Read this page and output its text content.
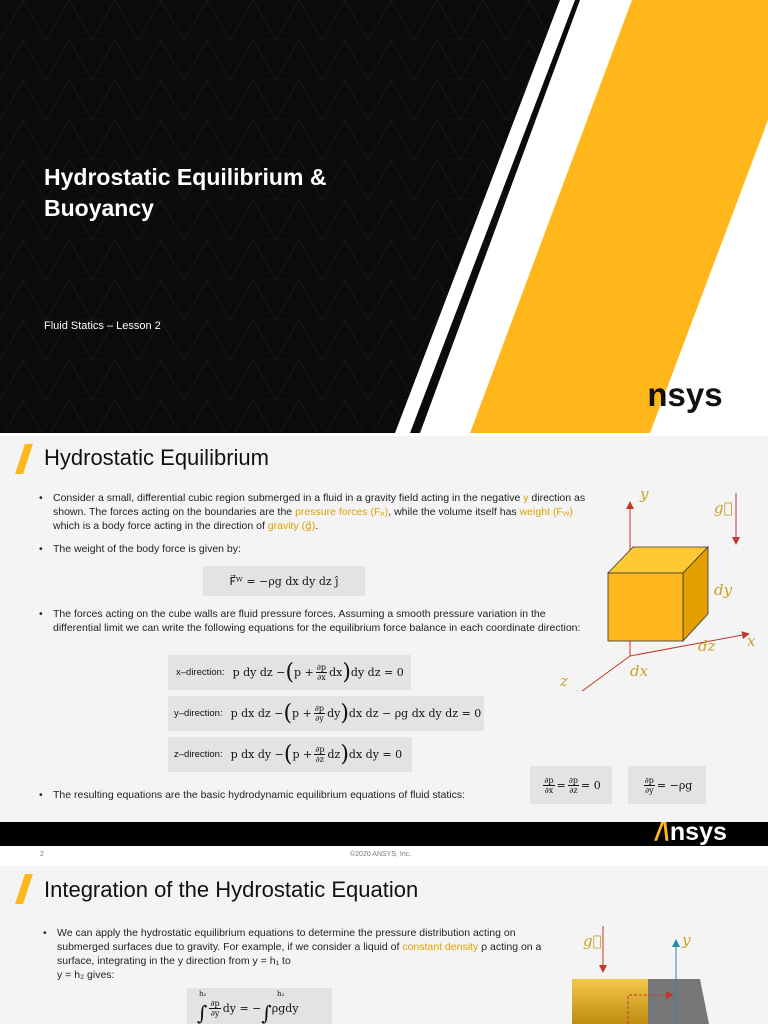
Hydrostatic Equilibrium & Buoyancy
Fluid Statics – Lesson 2
/\ nsys
Hydrostatic Equilibrium
• Consider a small, differential cubic region submerged in a fluid in a gravity field acting in the negative y direction as shown. The forces acting on the boundaries are the pressure forces (Fₚ), while the volume itself has weight (Fᵥᵥ) which is a body force acting in the direction of gravity (g⃗).
• The weight of the body force is given by:
F⃗ᵂ = −ρg dx dy dz ĵ
• The forces acting on the cube walls are fluid pressure forces. Assuming a smooth pressure variation in the differential limit we can write the following equations for the equilibrium force balance in each coordinate direction:
x–direction: p dy dz − ( $p + \frac{\partial p}{\partial x}$ dx ) dy dz = 0
y–direction: p dx dz − ( $p + \frac{\partial p}{\partial y}$ dy ) dx dz − ρg dx dy dz = 0
z–direction: p dx dy − ( $p + \frac{\partial p}{\partial z}$ dz ) dx dy = 0
• The resulting equations are the basic hydrodynamic equilibrium equations of fluid statics:
$\frac{\partial p}{\partial x} = \frac{\partial p}{\partial z} = 0$	$\frac{\partial p}{\partial y} = -\rho g$
y
g⃗
dy
dz x
dx
z
/\ nsys
2	©2020 ANSYS, Inc.
Integration of the Hydrostatic Equation
• We can apply the hydrostatic equilibrium equations to determine the pressure distribution acting on submerged surfaces due to gravity. For example, if we consider a liquid of constant density ρ acting on a surface, integrating in the y direction from y = h₁ to
y = h₂ gives:
h₂	h₂
∫ $\frac{\partial p}{\partial y}$ dy = − ∫ ρgdy
g⃗	y
